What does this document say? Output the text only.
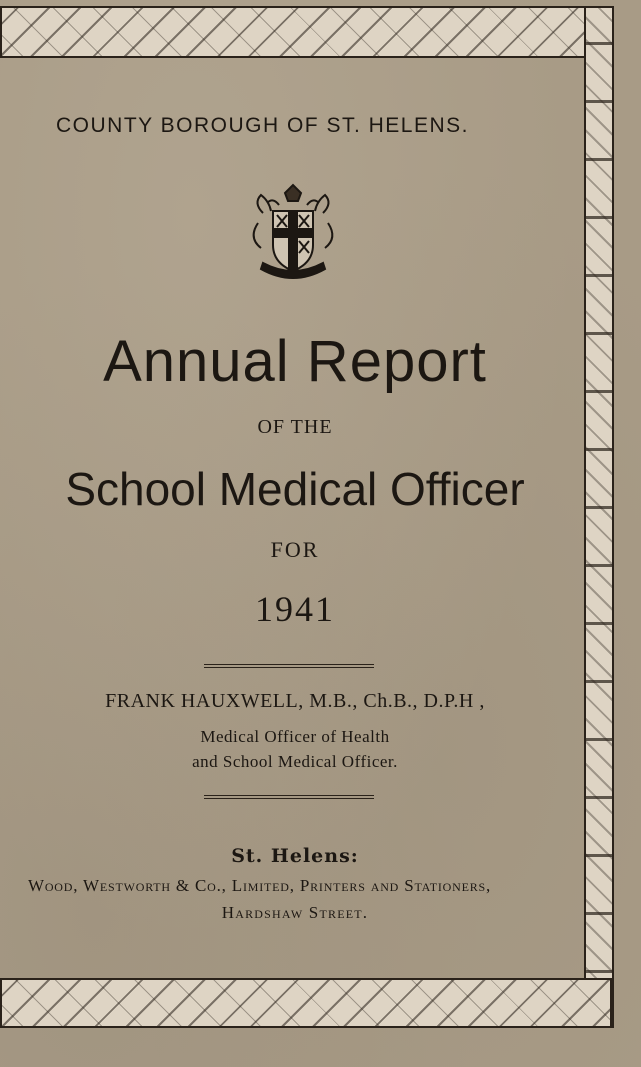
COUNTY BOROUGH OF ST. HELENS.
Annual Report
OF THE
School Medical Officer
FOR
1941
FRANK HAUXWELL, M.B., Ch.B., D.P.H ,
Medical Officer of Health
and School Medical Officer.
St. Helens:
Wood, Westworth & Co., Limited, Printers and Stationers,
Hardshaw Street.
